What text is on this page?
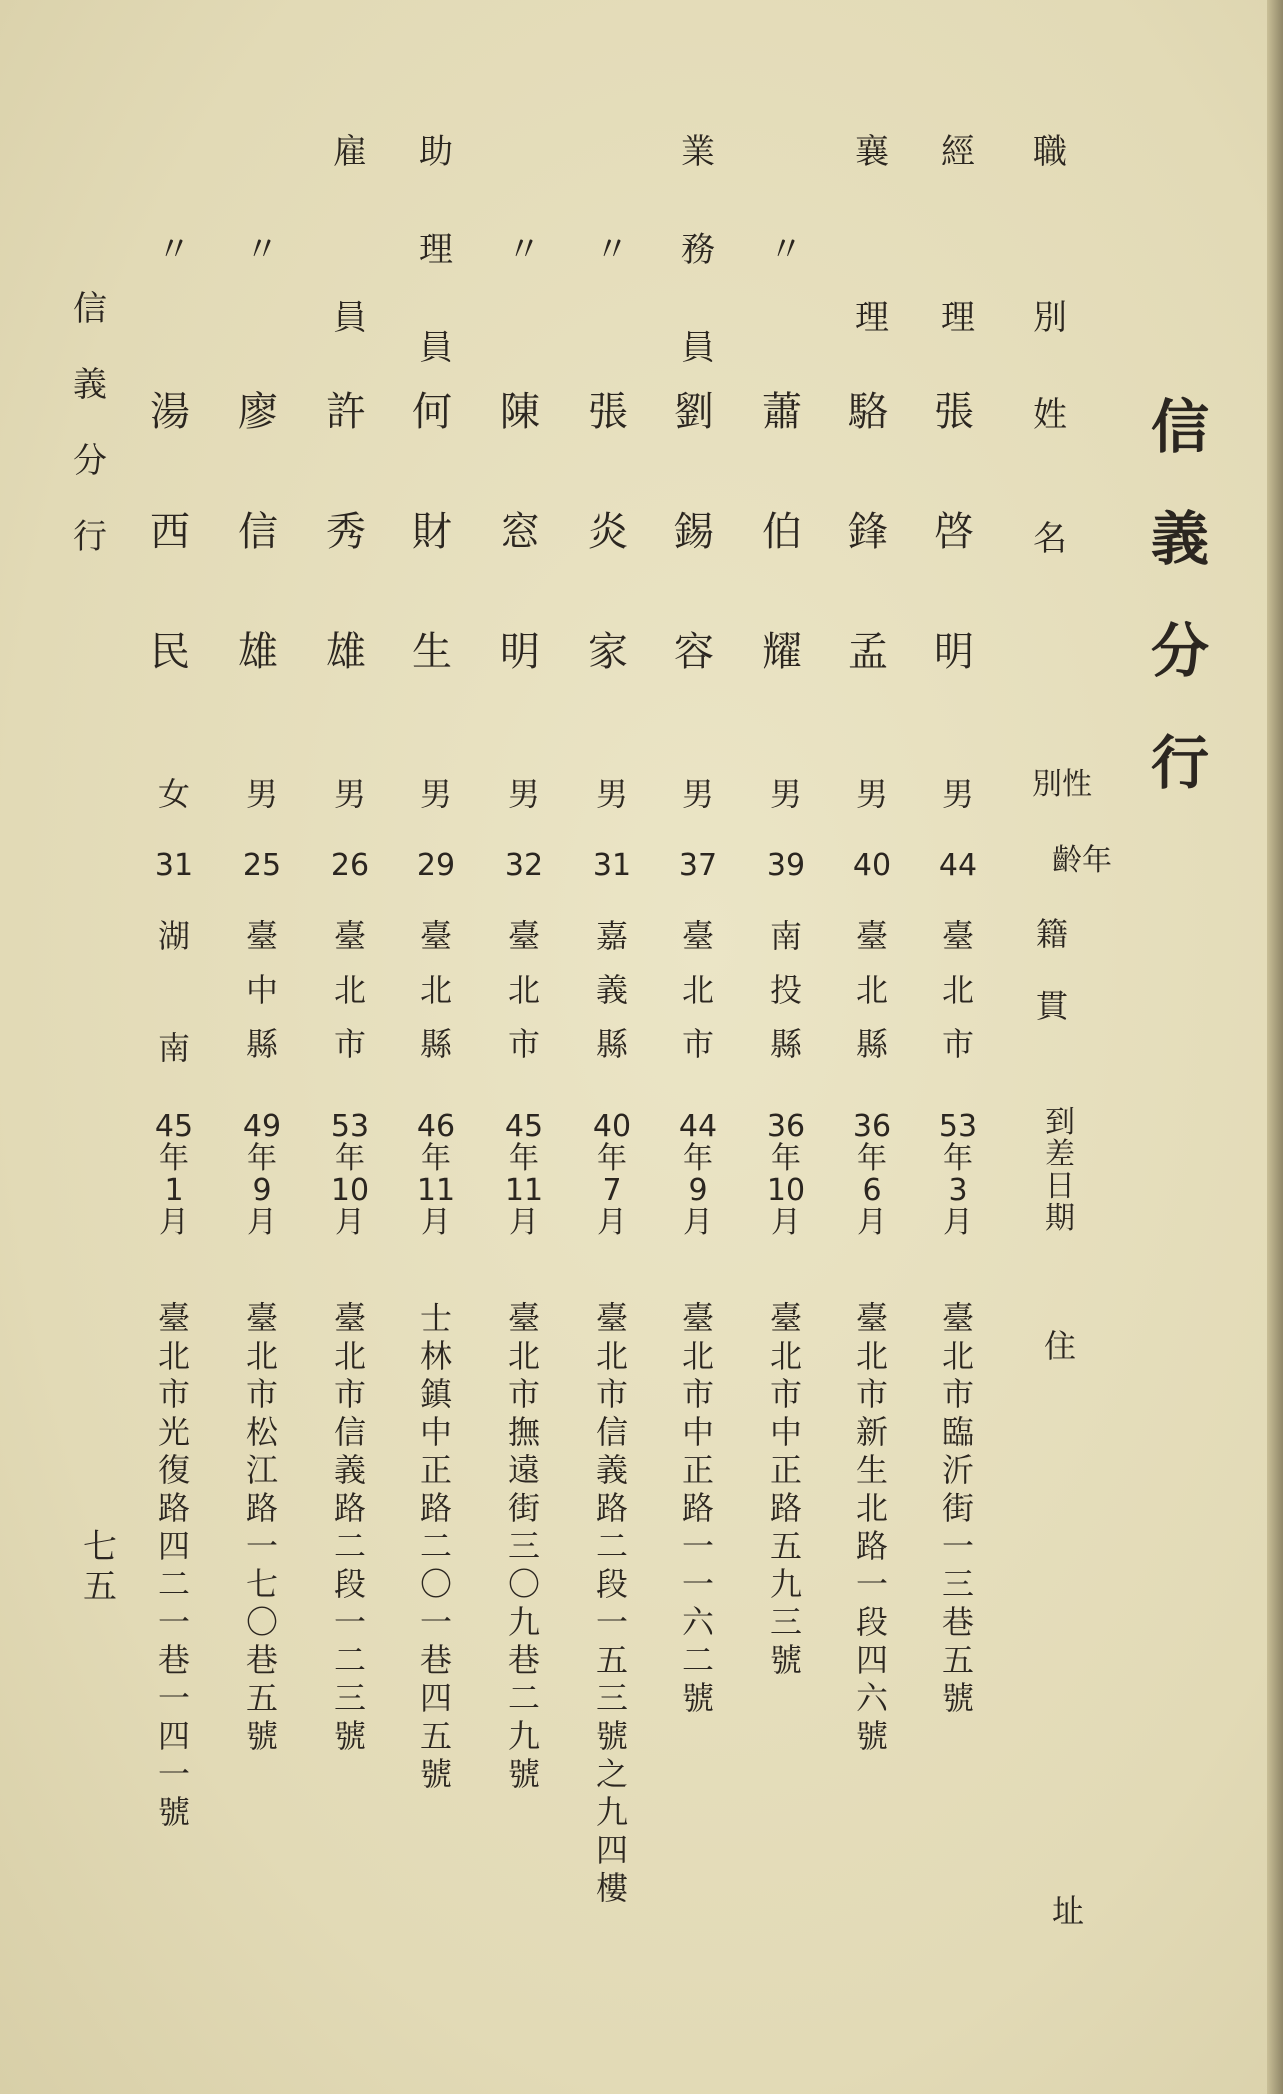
信
義
分
行
信
義
分
行
七
五
職
別
姓
名
別 性
齡 年
籍
貫
到
差
日
期
住
址
經
理
張
啓
明
男
44
臺
北
市
53
年
3
月
臺
北
市
臨
沂
街
一
三
巷
五
號
襄
理
駱
鋒
孟
男
40
臺
北
縣
36
年
6
月
臺
北
市
新
生
北
路
一
段
四
六
號
〃
蕭
伯
耀
男
39
南
投
縣
36
年
10
月
臺
北
市
中
正
路
五
九
三
號
業
務
員
劉
錫
容
男
37
臺
北
市
44
年
9
月
臺
北
市
中
正
路
一
一
六
二
號
〃
張
炎
家
男
31
嘉
義
縣
40
年
7
月
臺
北
市
信
義
路
二
段
一
五
三
號
之
九
四
樓
〃
陳
窓
明
男
32
臺
北
市
45
年
11
月
臺
北
市
撫
遠
街
三
〇
九
巷
二
九
號
助
理
員
何
財
生
男
29
臺
北
縣
46
年
11
月
士
林
鎮
中
正
路
二
〇
一
巷
四
五
號
雇
員
許
秀
雄
男
26
臺
北
市
53
年
10
月
臺
北
市
信
義
路
二
段
一
二
三
號
〃
廖
信
雄
男
25
臺
中
縣
49
年
9
月
臺
北
市
松
江
路
一
七
〇
巷
五
號
〃
湯
西
民
女
31
湖
南
45
年
1
月
臺
北
市
光
復
路
四
二
一
巷
一
四
一
號
